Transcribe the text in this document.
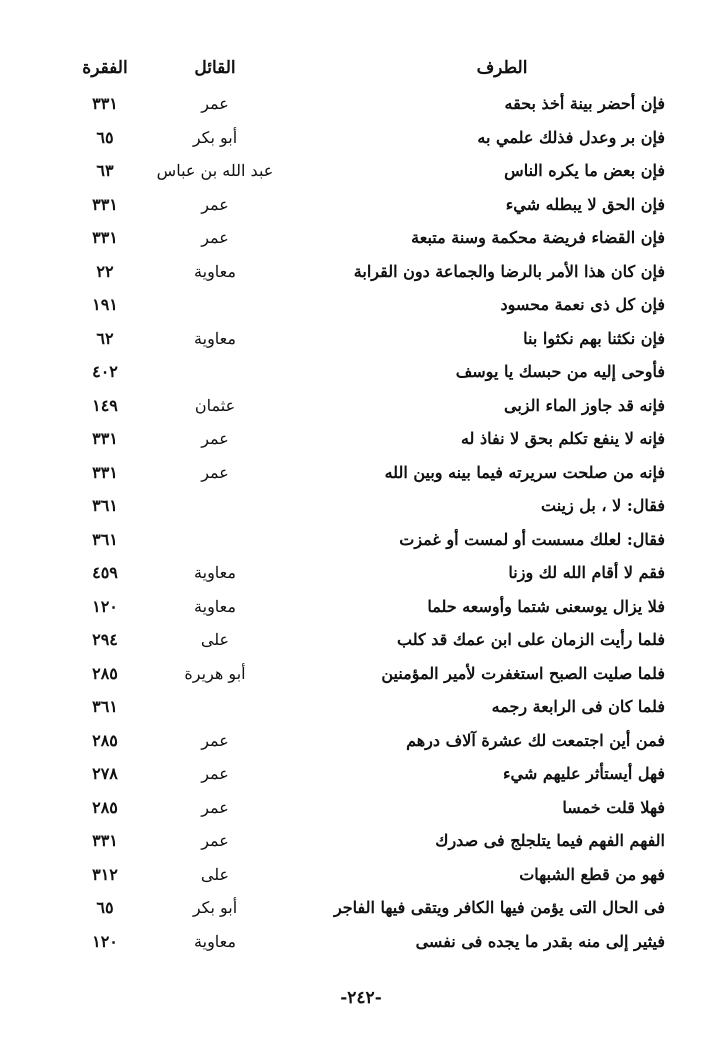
الطرف
القائل
الفقرة
فإن أحضر بينة أخذ بحقه
عمر
٣٣١
فإن بر وعدل فذلك علمي به
أبو بكر
٦٥
فإن بعض ما يكره الناس
عبد الله بن عباس
٦٣
فإن الحق لا يبطله شيء
عمر
٣٣١
فإن القضاء فريضة محكمة وسنة متبعة
عمر
٣٣١
فإن كان هذا الأمر بالرضا والجماعة دون القرابة
معاوية
٢٢
فإن كل ذى نعمة محسود
١٩١
فإن نكثنا بهم نكثوا بنا
معاوية
٦٢
فأوحى إليه من حبسك يا يوسف
٤٠٢
فإنه قد جاوز الماء الزبى
عثمان
١٤٩
فإنه لا ينفع تكلم بحق لا نفاذ له
عمر
٣٣١
فإنه من صلحت سريرته فيما بينه وبين الله
عمر
٣٣١
فقال: لا ، بل زينت
٣٦١
فقال: لعلك مسست أو لمست أو غمزت
٣٦١
فقم لا أقام الله لك وزنا
معاوية
٤٥٩
فلا يزال يوسعنى شتما وأوسعه حلما
معاوية
١٢٠
فلما رأيت الزمان على ابن عمك قد كلب
على
٢٩٤
فلما صليت الصبح استغفرت لأمير المؤمنين
أبو هريرة
٢٨٥
فلما كان فى الرابعة رجمه
٣٦١
فمن أين اجتمعت لك عشرة آلاف درهم
عمر
٢٨٥
فهل أيستأثر عليهم شيء
عمر
٢٧٨
فهلا قلت خمسا
عمر
٢٨٥
الفهم الفهم فيما يتلجلج فى صدرك
عمر
٣٣١
فهو من قطع الشبهات
على
٣١٢
فى الحال التى يؤمن فيها الكافر ويتقى فيها الفاجر
أبو بكر
٦٥
فيثير إلى منه بقدر ما يجده فى نفسى
معاوية
١٢٠
-٢٤٢-
